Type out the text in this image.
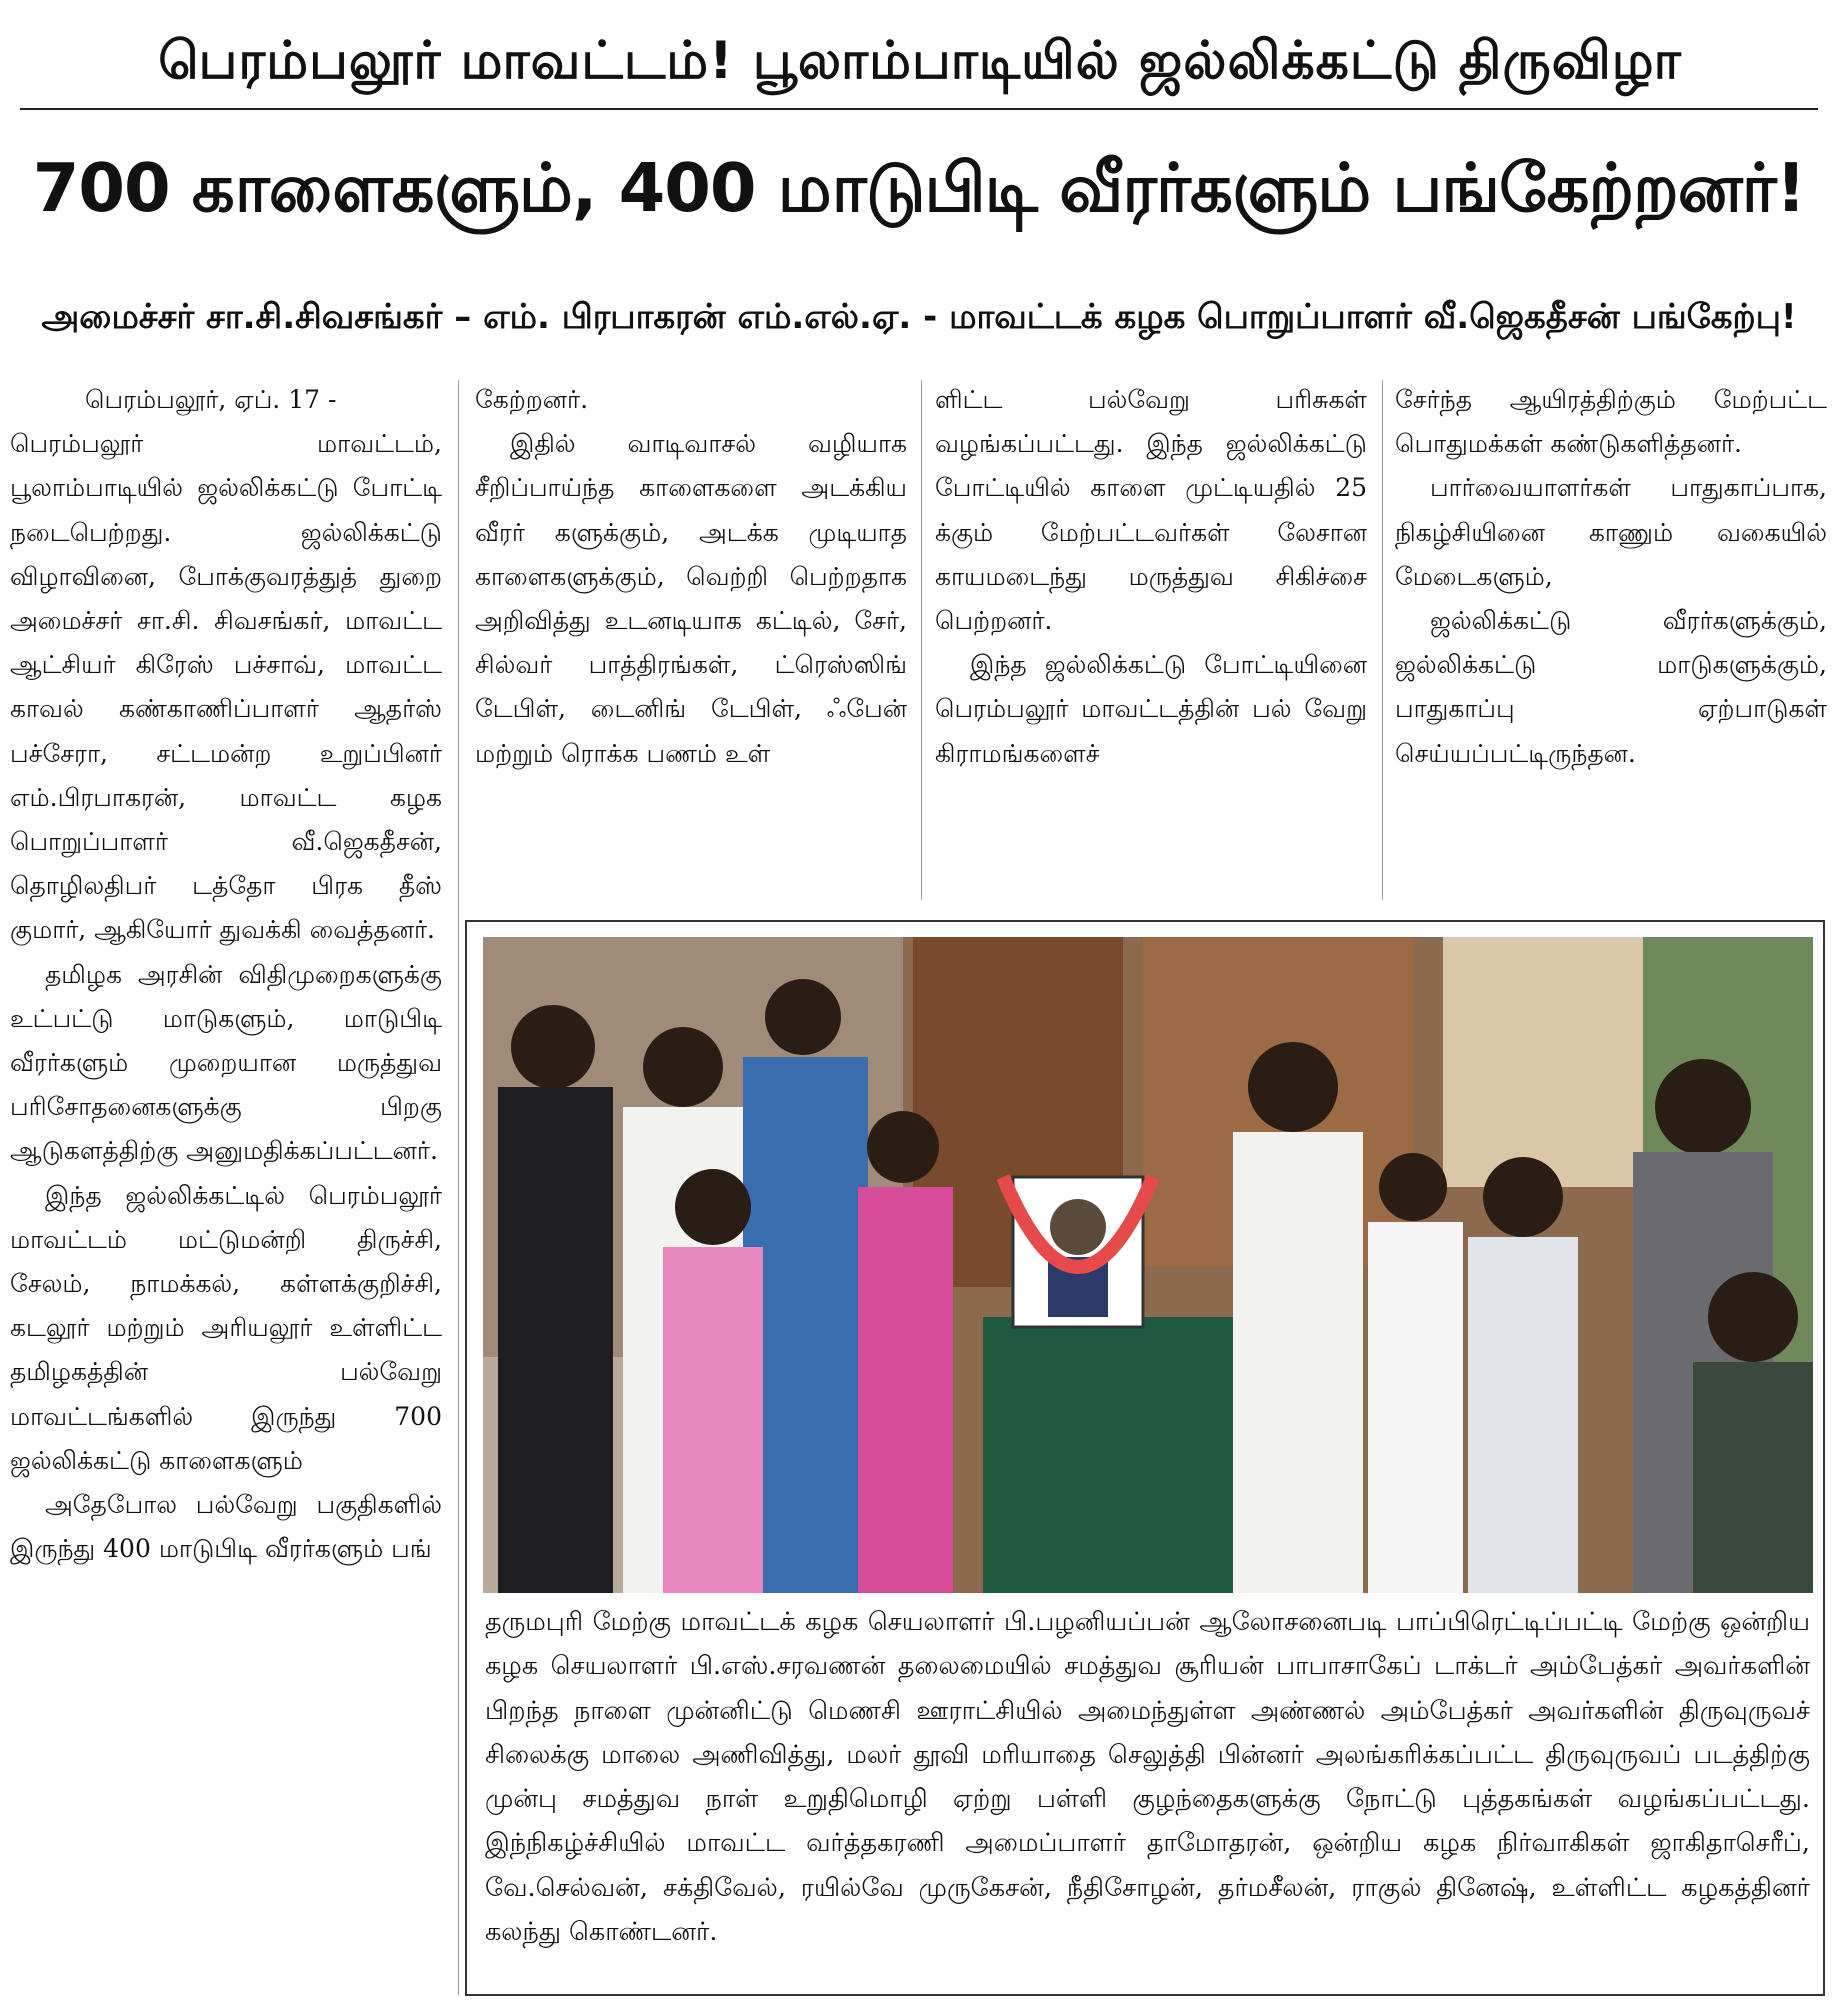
பெரம்பலூர் மாவட்டம்! பூலாம்பாடியில் ஜல்லிக்கட்டு திருவிழா
700 காளைகளும், 400 மாடுபிடி வீரர்களும் பங்கேற்றனர்!
அமைச்சர் சா.சி.சிவசங்கர் – எம். பிரபாகரன் எம்.எல்.ஏ. - மாவட்டக் கழக பொறுப்பாளர் வீ.ஜெகதீசன் பங்கேற்பு!

பெரம்பலூர், ஏப். 17 -

பெரம்பலூர் மாவட்டம், பூலாம்பாடியில் ஜல்லிக்கட்டு போட்டி நடைபெற்றது. ஜல்லிக்கட்டு விழாவினை, போக்குவரத்துத் துறை அமைச்சர் சா.சி. சிவசங்கர், மாவட்ட ஆட்சியர் கிரேஸ் பச்சாவ், மாவட்ட காவல் கண்காணிப்பாளர் ஆதர்ஸ் பச்சேரா, சட்டமன்ற உறுப்பினர் எம்.பிரபாகரன், மாவட்ட கழக பொறுப்பாளர் வீ.ஜெகதீசன், தொழிலதிபர் டத்தோ பிரக தீஸ் குமார், ஆகியோர் துவக்கி வைத்தனர்.

தமிழக அரசின் விதிமுறைகளுக்கு உட்பட்டு மாடுகளும், மாடுபிடி வீரர்களும் முறையான மருத்துவ பரிசோதனைகளுக்கு பிறகு ஆடுகளத்திற்கு அனுமதிக்கப்பட்டனர்.

இந்த ஜல்லிக்கட்டில் பெரம்பலூர் மாவட்டம் மட்டுமன்றி திருச்சி, சேலம், நாமக்கல், கள்ளக்குறிச்சி, கடலூர் மற்றும் அரியலூர் உள்ளிட்ட தமிழகத்தின் பல்வேறு மாவட்டங்களில் இருந்து 700 ஜல்லிக்கட்டு காளைகளும்

அதேபோல பல்வேறு பகுதிகளில் இருந்து 400 மாடுபிடி வீரர்களும் பங்

கேற்றனர்.

இதில் வாடிவாசல் வழியாக சீறிப்பாய்ந்த காளைகளை அடக்கிய வீரர் களுக்கும், அடக்க முடியாத காளைகளுக்கும், வெற்றி பெற்றதாக அறிவித்து உடனடியாக கட்டில், சேர், சில்வர் பாத்திரங்கள், ட்ரெஸ்ஸிங் டேபிள், டைனிங் டேபிள், ஃபேன் மற்றும் ரொக்க பணம் உள்

ளிட்ட பல்வேறு பரிசுகள் வழங்கப்பட்டது. இந்த ஜல்லிக்கட்டு போட்டியில் காளை முட்டியதில் 25 க்கும் மேற்பட்டவர்கள் லேசான காயமடைந்து மருத்துவ சிகிச்சை பெற்றனர்.

இந்த ஜல்லிக்கட்டு போட்டியினை பெரம்பலூர் மாவட்டத்தின் பல் வேறு கிராமங்களைச்

சேர்ந்த ஆயிரத்திற்கும் மேற்பட்ட பொதுமக்கள் கண்டுகளித்தனர்.

பார்வையாளர்கள் பாதுகாப்பாக, நிகழ்சியினை காணும் வகையில் மேடைகளும்,

ஜல்லிக்கட்டு வீரர்களுக்கும், ஜல்லிக்கட்டு மாடுகளுக்கும், பாதுகாப்பு ஏற்பாடுகள் செய்யப்பட்டிருந்தன.

தருமபுரி மேற்கு மாவட்டக் கழக செயலாளர் பி.பழனியப்பன் ஆலோசனைபடி பாப்பிரெட்டிப்பட்டி மேற்கு ஒன்றிய கழக செயலாளர் பி.எஸ்.சரவணன் தலைமையில் சமத்துவ சூரியன் பாபாசாகேப் டாக்டர் அம்பேத்கர் அவர்களின் பிறந்த நாளை முன்னிட்டு மெணசி ஊராட்சியில் அமைந்துள்ள அண்ணல் அம்பேத்கர் அவர்களின் திருவுருவச் சிலைக்கு மாலை அணிவித்து, மலர் தூவி மரியாதை செலுத்தி பின்னர் அலங்கரிக்கப்பட்ட திருவுருவப் படத்திற்கு முன்பு சமத்துவ நாள் உறுதிமொழி ஏற்று பள்ளி குழந்தைகளுக்கு நோட்டு புத்தகங்கள் வழங்கப்பட்டது. இந்நிகழ்ச்சியில் மாவட்ட வர்த்தகரணி அமைப்பாளர் தாமோதரன், ஒன்றிய கழக நிர்வாகிகள் ஜாகிதாசெரீப், வே.செல்வன், சக்திவேல், ரயில்வே முருகேசன், நீதிசோழன், தர்மசீலன், ராகுல் தினேஷ், உள்ளிட்ட கழகத்தினர் கலந்து கொண்டனர்.
